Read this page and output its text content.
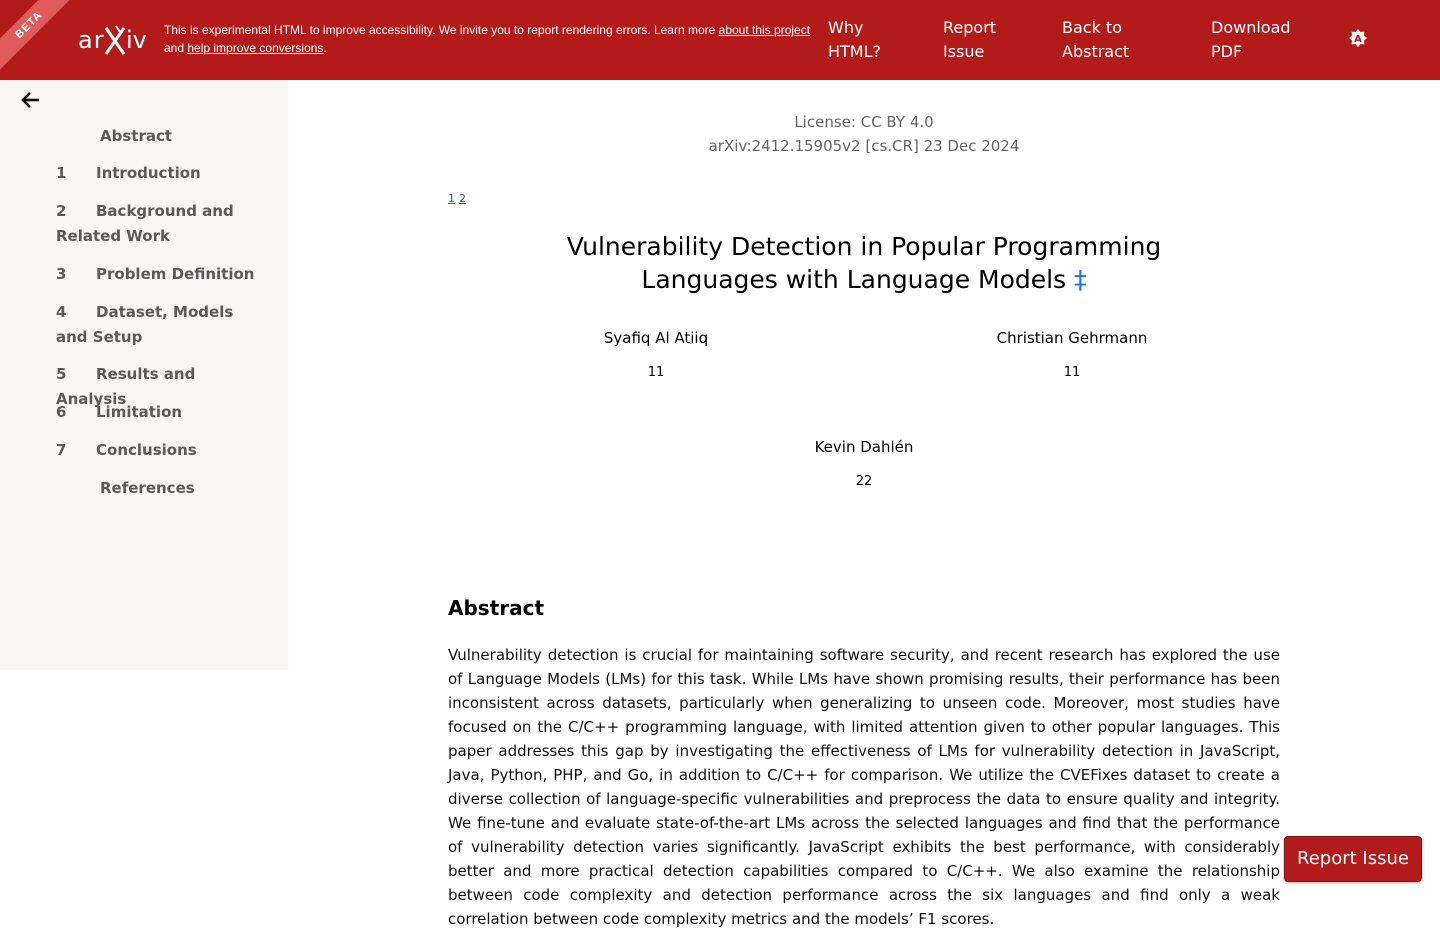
BETA	ar iv This is experimental HTML to improve accessibility. We invite you to report rendering errors. Learn more about this project and help improve conversions.
Why HTML?
Report Issue
Back to Abstract
Download PDF
A
Abstract
1 Introduction
2 Background and Related Work
3 Problem Definition
4 Dataset, Models and Setup
5 Results and Analysis
6 Limitation
7 Conclusions
References
License: CC BY 4.0
arXiv:2412.15905v2 [cs.CR] 23 Dec 2024
1 2
Vulnerability Detection in Popular Programming Languages with Language Models ‡
Syafiq Al Atiiq
11
Christian Gehrmann
11
Kevin Dahlén
22
Abstract
Vulnerability detection is crucial for maintaining software security, and recent research has explored the use of Language Models (LMs) for this task. While LMs have shown promising results, their performance has been inconsistent across datasets, particularly when generalizing to unseen code. Moreover, most studies have focused on the C/C++ programming language, with limited attention given to other popular languages. This paper addresses this gap by investigating the effectiveness of LMs for vulnerability detection in JavaScript, Java, Python, PHP, and Go, in addition to C/C++ for comparison. We utilize the CVEFixes dataset to create a diverse collection of language-specific vulnerabilities and preprocess the data to ensure quality and integrity. We fine-tune and evaluate state-of-the-art LMs across the selected languages and find that the performance of vulnerability detection varies significantly. JavaScript exhibits the best performance, with considerably better and more practical detection capabilities compared to C/C++. We also examine the relationship between code complexity and detection performance across the six languages and find only a weak correlation between code complexity metrics and the models’ F1 scores.
Report Issue
